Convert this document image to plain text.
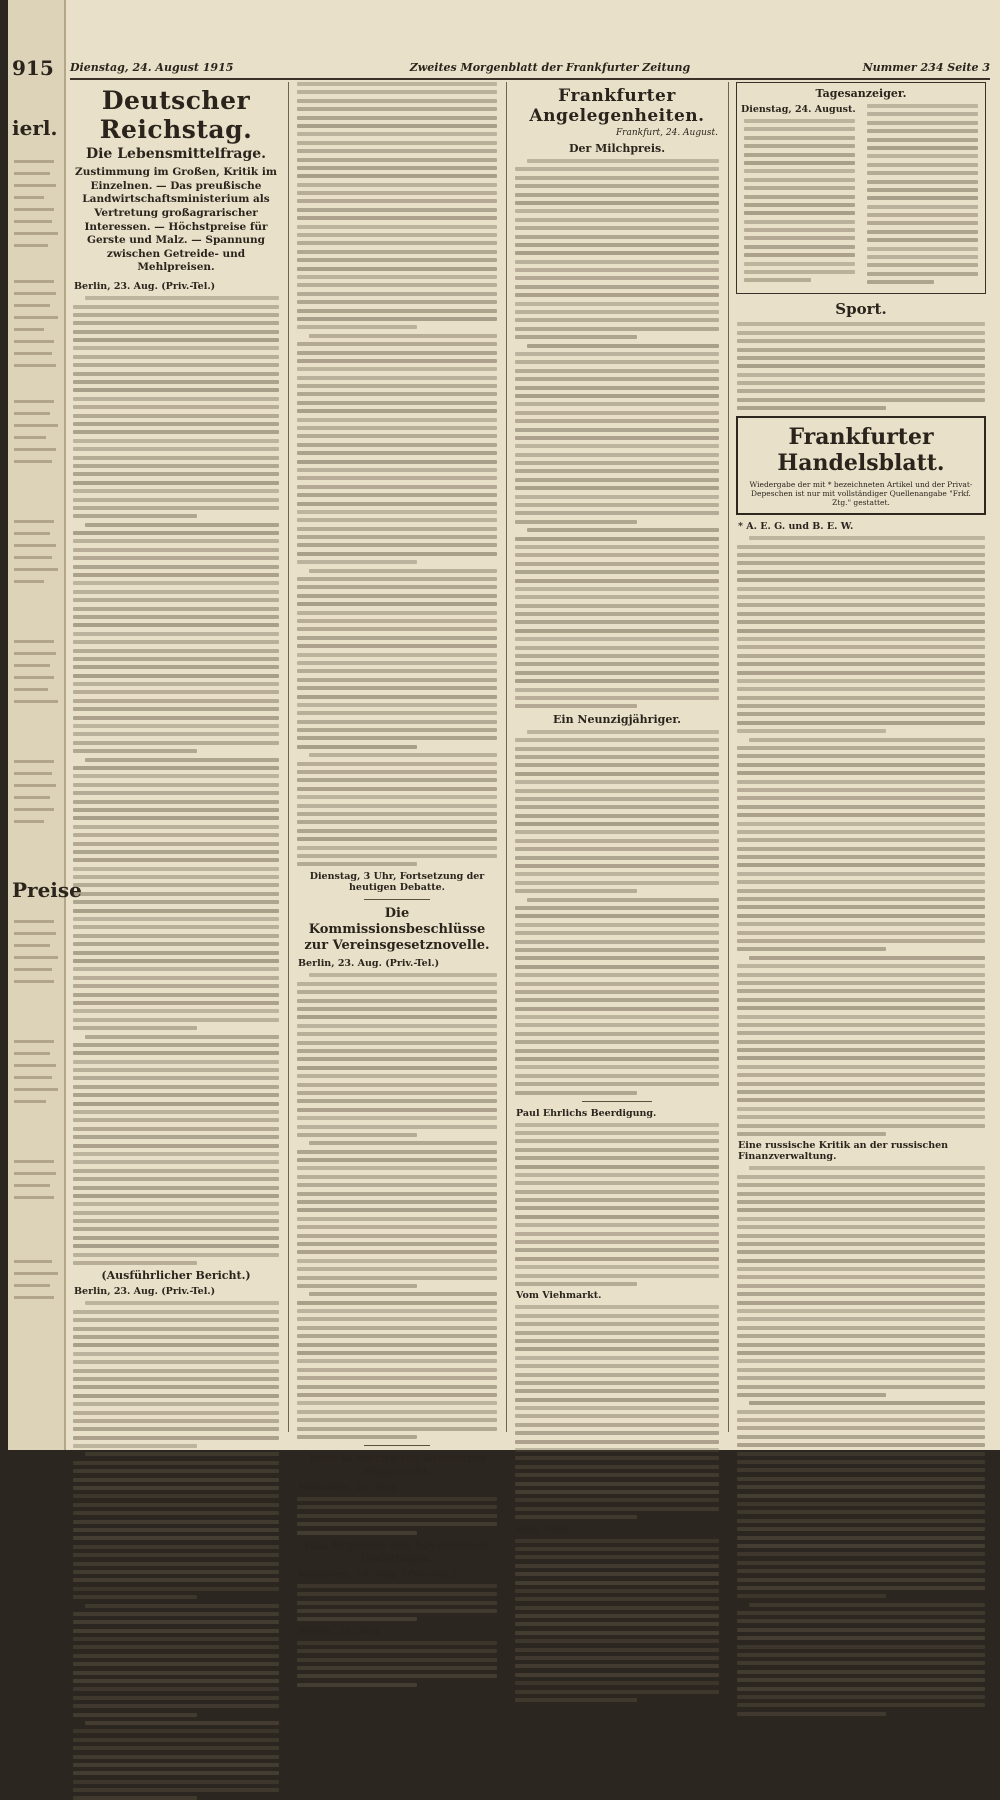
915
ierl.
Preise
Dienstag, 24. August 1915	Zweites Morgenblatt der Frankfurter Zeitung	Nummer 234 Seite 3
Deutscher Reichstag.
Die Lebensmittelfrage.
Zustimmung im Großen, Kritik im Einzelnen. — Das preußische Landwirtschaftsministerium als Vertretung großagrarischer Interessen. — Höchstpreise für Gerste und Malz. — Spannung zwischen Getreide- und Mehlpreisen.
Berlin, 23. Aug. (Priv.-Tel.)
(Ausführlicher Bericht.)
Berlin, 23. Aug. (Priv.-Tel.)
Dienstag, 3 Uhr, Fortsetzung der heutigen Debatte.
Die Kommissionsbeschlüsse zur Vereinsgesetznovelle.
Berlin, 23. Aug. (Priv.-Tel.)
Pour le mérite für Kronprinz Rupprecht.
München, 23. Aug.
Das Ergebnis des bayerischen Opfertages.
München, 23. Aug. (Priv.-Tel.)
Berlin, 23. Aug.
Frankfurter Angelegenheiten.
Frankfurt, 24. August.
Der Milchpreis.
Ein Neunzigjähriger.
Paul Ehrlichs Beerdigung.
Vom Viehmarkt.
Zum Tage.
Tagesanzeiger.
Dienstag, 24. August.
Sport.
Frankfurter Handelsblatt.
Wiedergabe der mit * bezeichneten Artikel und der Privat-Depeschen ist nur mit vollständiger Quellenangabe "Frkf. Ztg." gestattet.
* A. E. G. und B. E. W.
Eine russische Kritik an der russischen Finanzverwaltung.
